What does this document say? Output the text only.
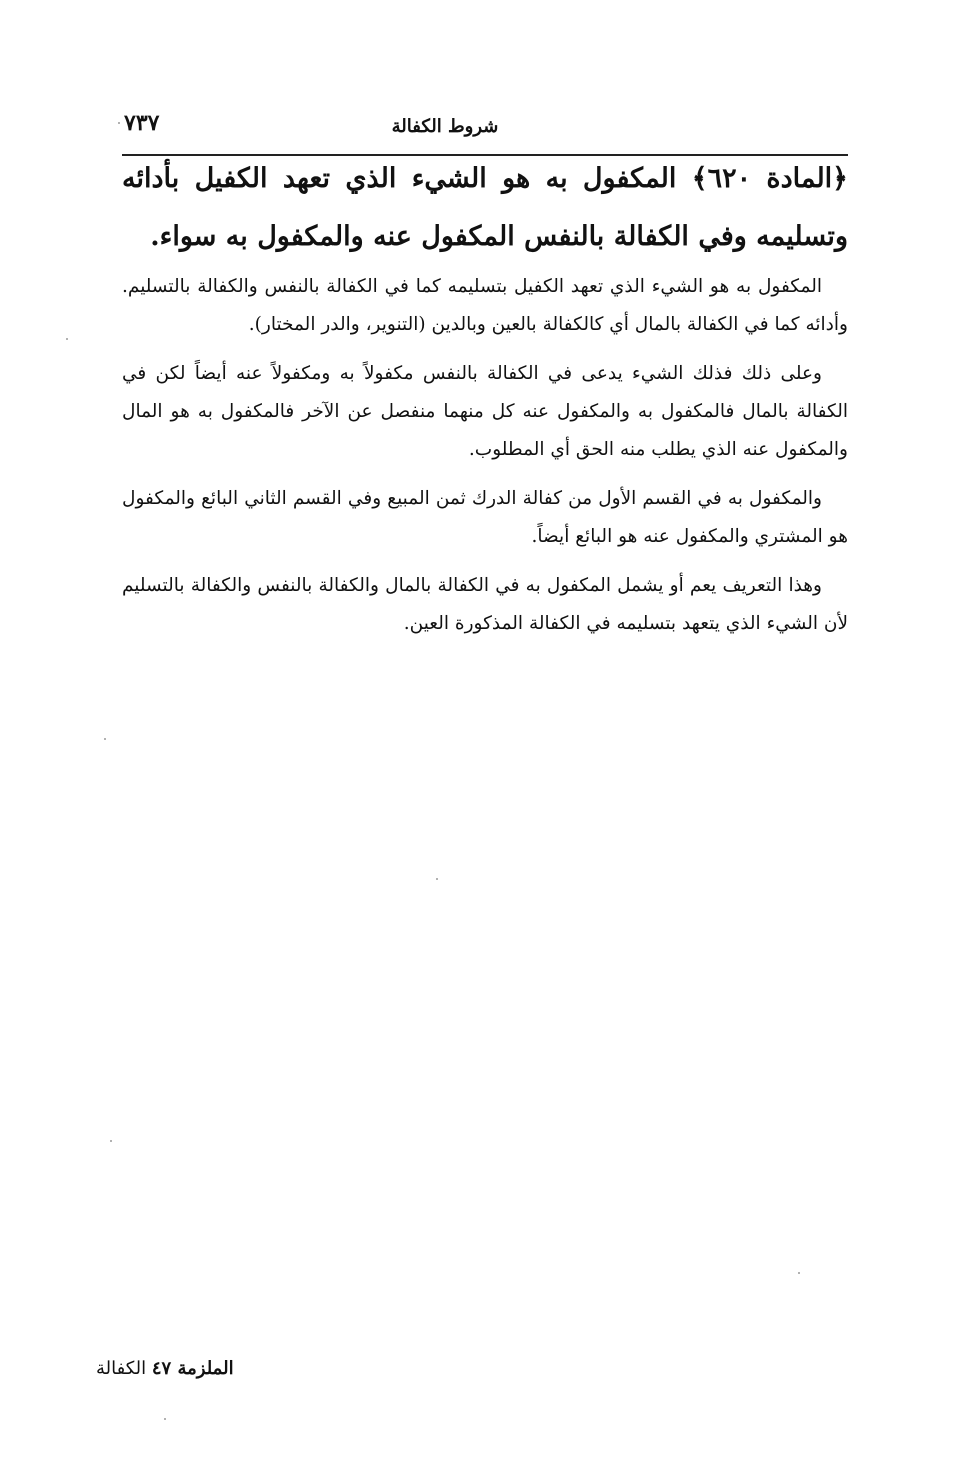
٧٣٧	شروط الكفالة
﴿المادة ٦٢٠﴾ المكفول به هو الشيء الذي تعهد الكفيل بأدائه وتسليمه وفي الكفالة بالنفس المكفول عنه والمكفول به سواء.

المكفول به هو الشيء الذي تعهد الكفيل بتسليمه كما في الكفالة بالنفس والكفالة بالتسليم. وأدائه كما في الكفالة بالمال أي كالكفالة بالعين وبالدين (التنوير، والدر المختار).

وعلى ذلك فذلك الشيء يدعى في الكفالة بالنفس مكفولاً به ومكفولاً عنه أيضاً لكن في الكفالة بالمال فالمكفول به والمكفول عنه كل منهما منفصل عن الآخر فالمكفول به هو المال والمكفول عنه الذي يطلب منه الحق أي المطلوب.

والمكفول به في القسم الأول من كفالة الدرك ثمن المبيع وفي القسم الثاني البائع والمكفول هو المشتري والمكفول عنه هو البائع أيضاً.

وهذا التعريف يعم أو يشمل المكفول به في الكفالة بالمال والكفالة بالنفس والكفالة بالتسليم لأن الشيء الذي يتعهد بتسليمه في الكفالة المذكورة العين.

الملزمة ٤٧ الكفالة
